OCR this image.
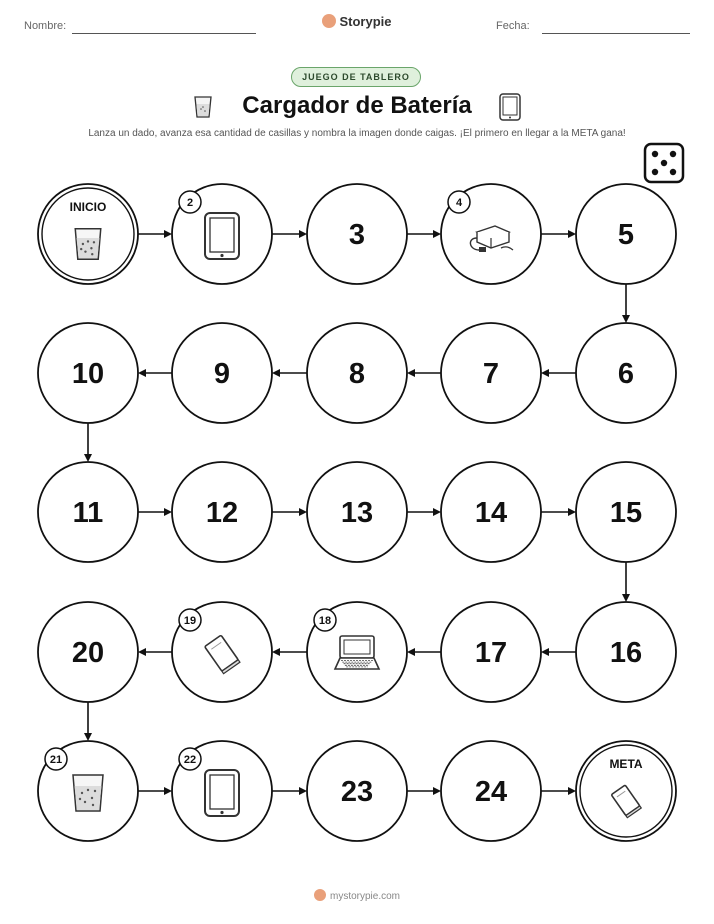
Nombre:	Storypie	Fecha:
JUEGO DE TABLERO
Cargador de Batería
Lanza un dado, avanza esa cantidad de casillas y nombra la imagen donde caigas. ¡El primero en llegar a la META gana!
INICIO	2
3
4
5
6
7
8
9
10
11	12	13	14	15
16
17
18
19
20
21	22
23	24
META
mystorypie.com
